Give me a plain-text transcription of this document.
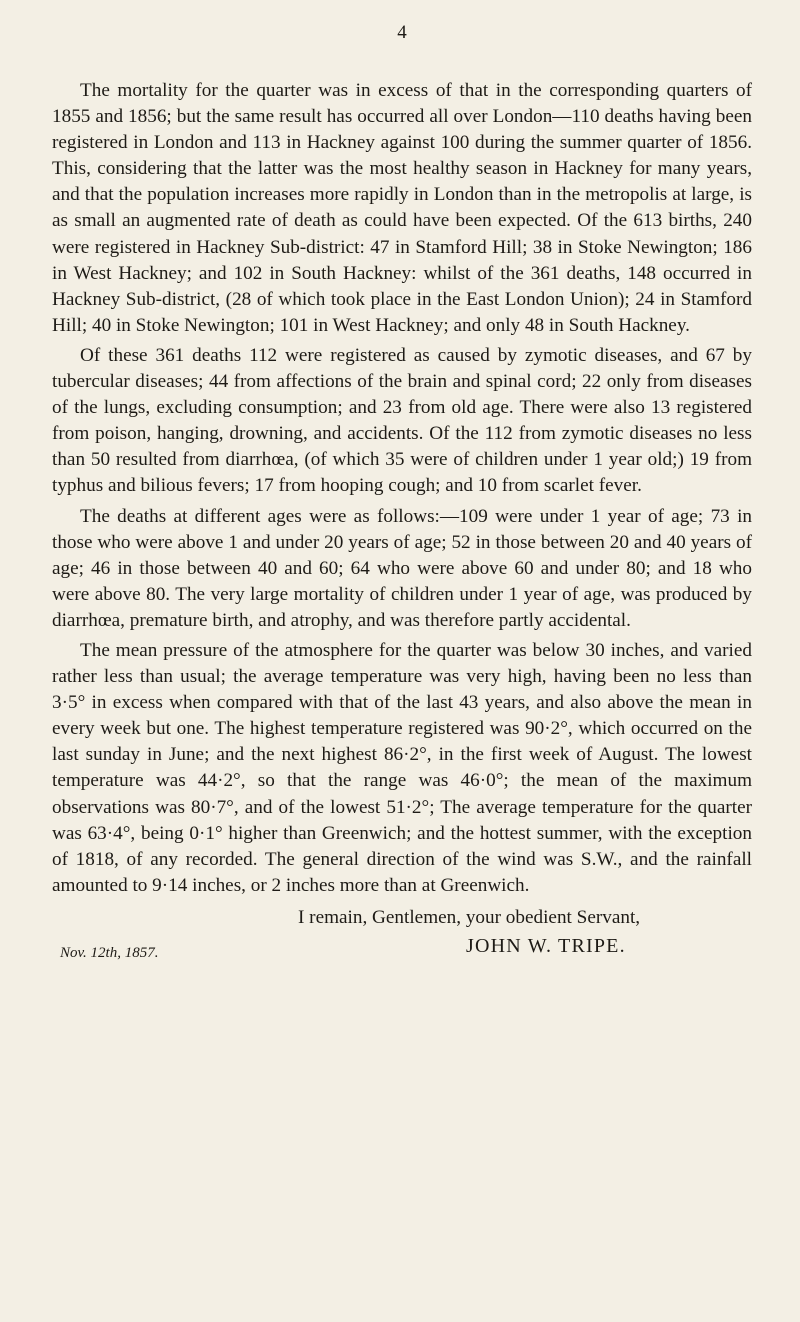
4

The mortality for the quarter was in excess of that in the corresponding quarters of 1855 and 1856; but the same result has occurred all over London—110 deaths having been registered in London and 113 in Hackney against 100 during the summer quarter of 1856. This, considering that the latter was the most healthy season in Hackney for many years, and that the population increases more rapidly in London than in the metropolis at large, is as small an augmented rate of death as could have been expected. Of the 613 births, 240 were registered in Hackney Sub-district: 47 in Stamford Hill; 38 in Stoke Newington; 186 in West Hackney; and 102 in South Hackney: whilst of the 361 deaths, 148 occurred in Hackney Sub-district, (28 of which took place in the East London Union); 24 in Stamford Hill; 40 in Stoke Newington; 101 in West Hackney; and only 48 in South Hackney.

Of these 361 deaths 112 were registered as caused by zymotic diseases, and 67 by tubercular diseases; 44 from affections of the brain and spinal cord; 22 only from diseases of the lungs, excluding consumption; and 23 from old age. There were also 13 registered from poison, hanging, drowning, and accidents. Of the 112 from zymotic diseases no less than 50 resulted from diarrhœa, (of which 35 were of children under 1 year old;) 19 from typhus and bilious fevers; 17 from hooping cough; and 10 from scarlet fever.

The deaths at different ages were as follows:—109 were under 1 year of age; 73 in those who were above 1 and under 20 years of age; 52 in those between 20 and 40 years of age; 46 in those between 40 and 60; 64 who were above 60 and under 80; and 18 who were above 80. The very large mortality of children under 1 year of age, was produced by diarrhœa, premature birth, and atrophy, and was therefore partly accidental.

The mean pressure of the atmosphere for the quarter was below 30 inches, and varied rather less than usual; the average temperature was very high, having been no less than 3·5° in excess when compared with that of the last 43 years, and also above the mean in every week but one. The highest temperature registered was 90·2°, which occurred on the last sunday in June; and the next highest 86·2°, in the first week of August. The lowest temperature was 44·2°, so that the range was 46·0°; the mean of the maximum observations was 80·7°, and of the lowest 51·2°; The average temperature for the quarter was 63·4°, being 0·1° higher than Greenwich; and the hottest summer, with the exception of 1818, of any recorded. The general direction of the wind was S.W., and the rainfall amounted to 9·14 inches, or 2 inches more than at Greenwich.

I remain, Gentlemen, your obedient Servant,

Nov. 12th, 1857.	JOHN W. TRIPE.
